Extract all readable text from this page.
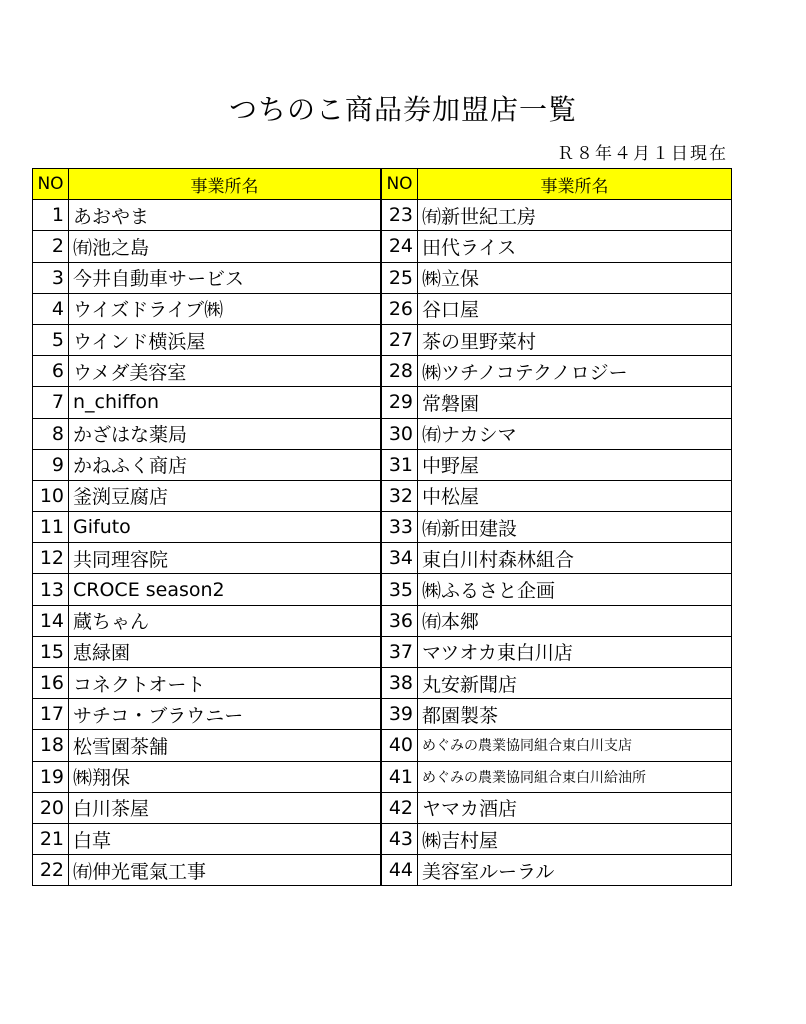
つちのこ商品券加盟店一覧
Ｒ８年４月１日現在
NO	事業所名
1	あおやま
2	㈲池之島
3	今井自動車サービス
4	ウイズドライブ㈱
5	ウインド横浜屋
6	ウメダ美容室
7	n_chiffon
8	かざはな薬局
9	かねふく商店
10	釜渕豆腐店
11	Gifuto
12	共同理容院
13	CROCE season2
14	蔵ちゃん
15	恵緑園
16	コネクトオート
17	サチコ・ブラウニー
18	松雪園茶舗
19	㈱翔保
20	白川茶屋
21	白草
22	㈲伸光電氣工事
NO	事業所名
23	㈲新世紀工房
24	田代ライス
25	㈱立保
26	谷口屋
27	茶の里野菜村
28	㈱ツチノコテクノロジー
29	常磐園
30	㈲ナカシマ
31	中野屋
32	中松屋
33	㈲新田建設
34	東白川村森林組合
35	㈱ふるさと企画
36	㈲本郷
37	マツオカ東白川店
38	丸安新聞店
39	都園製茶
40	めぐみの農業協同組合東白川支店
41	めぐみの農業協同組合東白川給油所
42	ヤマカ酒店
43	㈱吉村屋
44	美容室ルーラル
